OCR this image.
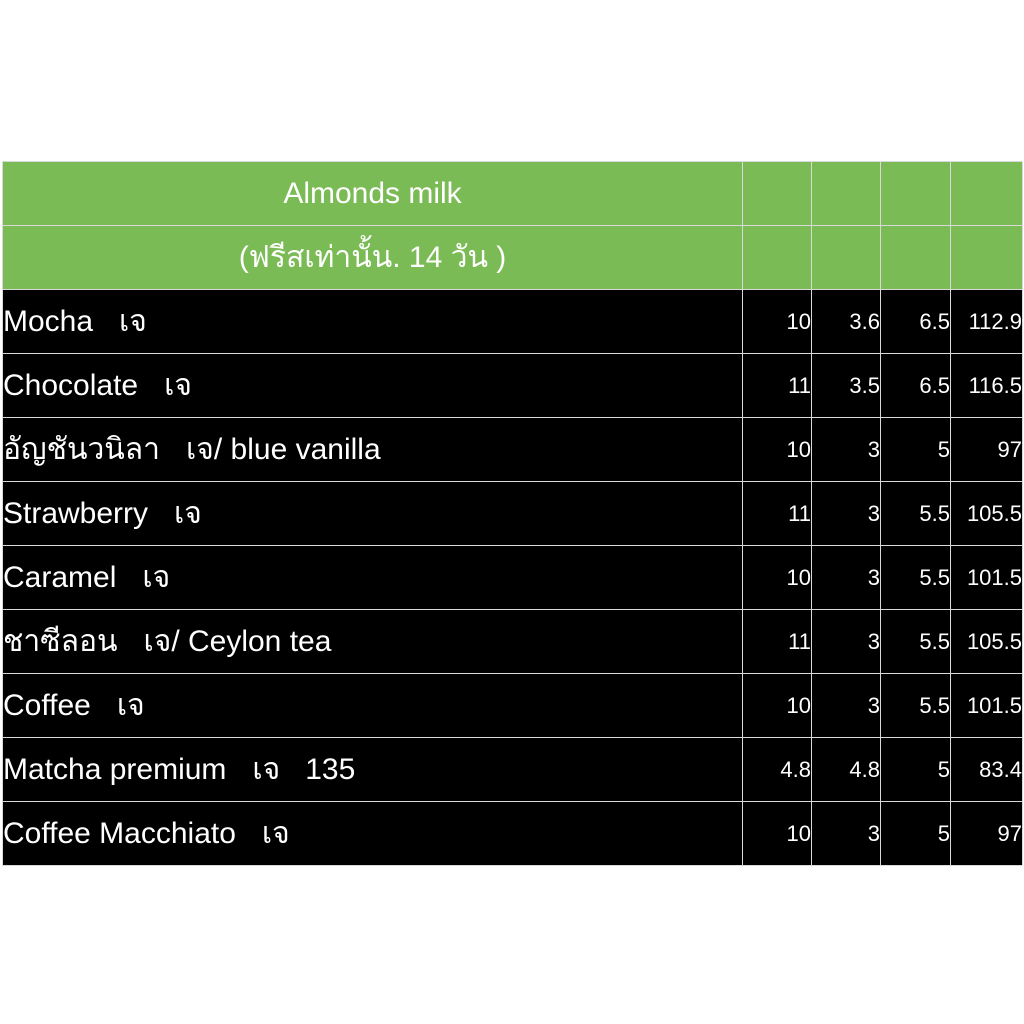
Almonds milk				
(ฟรีสเท่านั้น. 14 วัน )				
Mocha เจ	10	3.6	6.5	112.9
Chocolate เจ	11	3.5	6.5	116.5
อัญชันวนิลา เจ/ blue vanilla	10	3	5	97
Strawberry เจ	11	3	5.5	105.5
Caramel เจ	10	3	5.5	101.5
ชาซีลอน เจ/ Ceylon tea	11	3	5.5	105.5
Coffee เจ	10	3	5.5	101.5
Matcha premium เจ   135	4.8	4.8	5	83.4
Coffee Macchiato เจ	10	3	5	97
